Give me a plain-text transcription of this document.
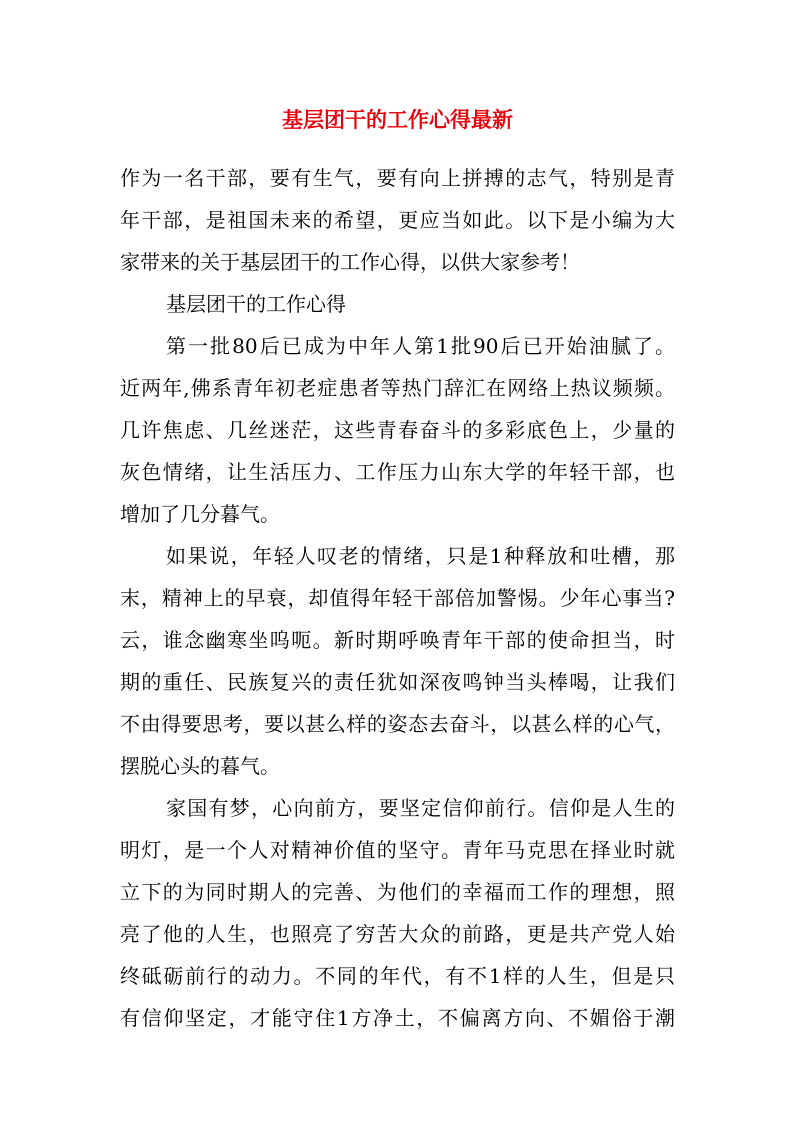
基层团干的工作心得最新
作为一名干部，要有生气，要有向上拼搏的志气，特别是青
年干部，是祖国未来的希望，更应当如此。以下是小编为大
家带来的关于基层团干的工作心得，以供大家参考！
基层团干的工作心得
第一批80后已成为中年人第1批90后已开始油腻了。
近两年,佛系青年初老症患者等热门辞汇在网络上热议频频。
几许焦虑、几丝迷茫，这些青春奋斗的多彩底色上，少量的
灰色情绪，让生活压力、工作压力山东大学的年轻干部，也
增加了几分暮气。
如果说，年轻人叹老的情绪，只是1种释放和吐槽，那
末，精神上的早衰，却值得年轻干部倍加警惕。少年心事当?
云，谁念幽寒坐呜呃。新时期呼唤青年干部的使命担当，时
期的重任、民族复兴的责任犹如深夜鸣钟当头棒喝，让我们
不由得要思考，要以甚么样的姿态去奋斗，以甚么样的心气，
摆脱心头的暮气。
家国有梦，心向前方，要坚定信仰前行。信仰是人生的
明灯，是一个人对精神价值的坚守。青年马克思在择业时就
立下的为同时期人的完善、为他们的幸福而工作的理想，照
亮了他的人生，也照亮了穷苦大众的前路，更是共产党人始
终砥砺前行的动力。不同的年代，有不1样的人生，但是只
有信仰坚定，才能守住1方净土，不偏离方向、不媚俗于潮
